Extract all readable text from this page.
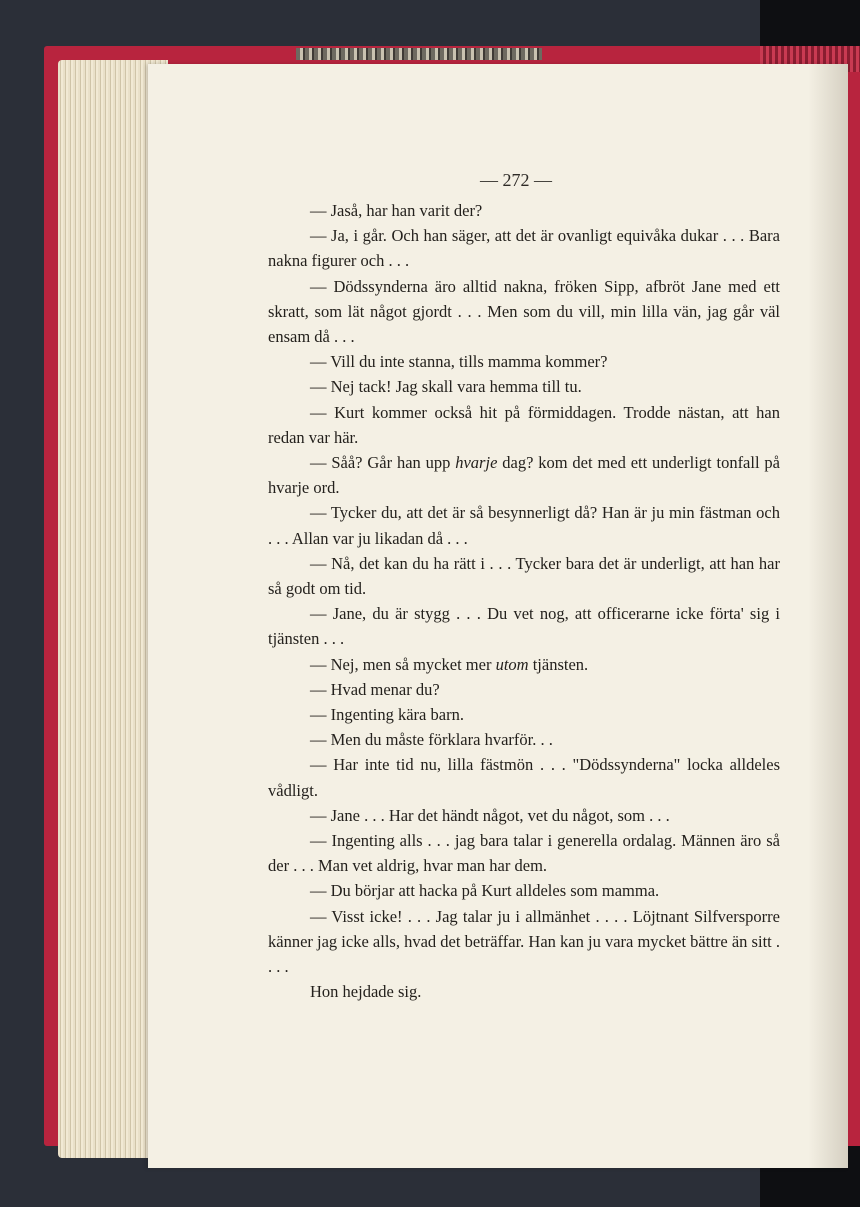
— 272 —

— Jaså, har han varit der?

— Ja, i går. Och han säger, att det är ovanligt equivåka dukar . . . Bara nakna figurer och . . .

— Dödssynderna äro alltid nakna, fröken Sipp, afbröt Jane med ett skratt, som lät något gjordt . . . Men som du vill, min lilla vän, jag går väl ensam då . . .

— Vill du inte stanna, tills mamma kommer?

— Nej tack! Jag skall vara hemma till tu.

— Kurt kommer också hit på förmiddagen. Trodde nästan, att han redan var här.

— Såå? Går han upp hvarje dag? kom det med ett underligt tonfall på hvarje ord.

— Tycker du, att det är så besynnerligt då? Han är ju min fästman och . . . Allan var ju likadan då . . .

— Nå, det kan du ha rätt i . . . Tycker bara det är underligt, att han har så godt om tid.

— Jane, du är stygg . . . Du vet nog, att officerarne icke förta' sig i tjänsten . . .

— Nej, men så mycket mer utom tjänsten.

— Hvad menar du?

— Ingenting kära barn.

— Men du måste förklara hvarför. . .

— Har inte tid nu, lilla fästmön . . . "Dödssynderna" locka alldeles vådligt.

— Jane . . . Har det händt något, vet du något, som . . .

— Ingenting alls . . . jag bara talar i generella ordalag. Männen äro så der . . . Man vet aldrig, hvar man har dem.

— Du börjar att hacka på Kurt alldeles som mamma.

— Visst icke! . . . Jag talar ju i allmänhet . . . . Löjtnant Silfversporre känner jag icke alls, hvad det beträffar. Han kan ju vara mycket bättre än sitt . . . .

Hon hejdade sig.
